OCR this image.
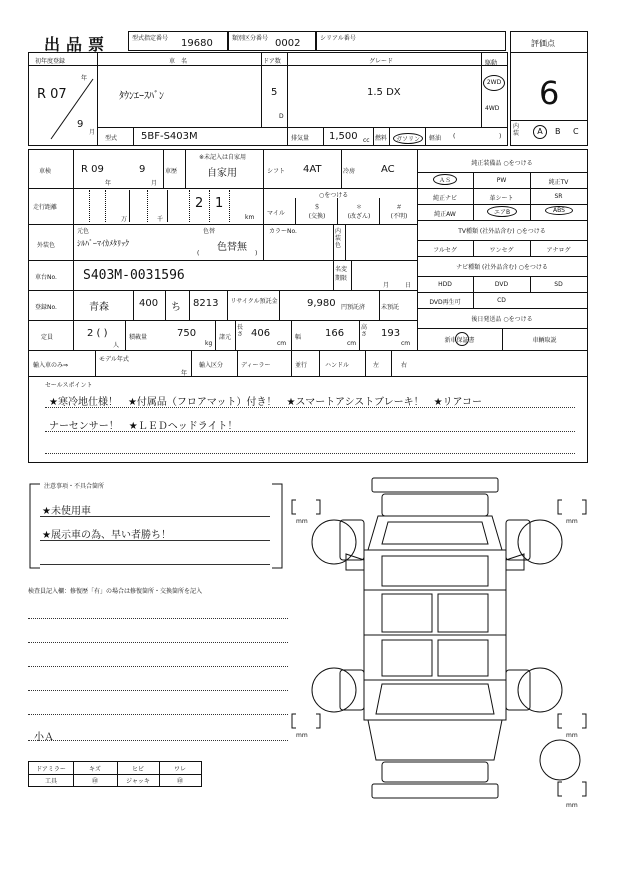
出品票	型式指定番号 19680	類別区分番号 0002	シリアル番号
評価点
6
内装	A	B C
初年度登録
R 07
年
9
月
車　名
ﾀｳﾝｴｰｽﾊﾞﾝ
ドア数
5
D
グレード
1.5 DX
駆動
2WD
4WD
型式 5BF-S403M	排気量 1,500 cc 燃料	ガソリン	軽油 (	)
車検	R 09
年
9
月
車歴
※未記入は自家用
自家用	シフト 4AT	冷房	AC
走行距離
万	千
2 1
km
○をつける
マイル
＄
(交換)
＊
(改ざん)
＃
(不明)
外装色
元色
ｼﾙﾊﾞｰﾏｲｶﾒﾀﾘｯｸ
色替
色替無
(	)
カラーNo.	内装色
車台No. S403M-0031596	名変期限
月	日
登録No.	青森	400 ち 8213 リサイクル預託金	9,980 円預託済	未預託
定員	2 ( )
人
積載量	750
kg
諸元
長さ 406
cm
幅 166
cm
高さ 193
cm
輸入車のみ⇒
モデル年式
年
輸入区分	ディーラー	並行	ハンドル	左	右
純正装備品 ○をつける
TV種類 (社外品含む) ○をつける
ナビ種類 (社外品含む) ○をつける
後日発送品 ○をつける
ＡＳ	PW	純正TV
純正ナビ	革シート	SR
純正AW	エアB	ABS
フルセグ	ワンセグ	アナログ
HDD	DVD	SD
DVD再生可	CD
新車保証書	車輌取説
セールスポイント
★寒冷地仕様！　★付属品（フロアマット）付き！　★スマートアシストブレーキ！　★リアコー
ナーセンサー！　★ＬＥＤヘッドライト！
注意事項・不具合箇所
★未使用車
★展示車の為、早い者勝ち！
検査員記入欄：修復歴「有」の場合は修復箇所・交換箇所を記入
小Ａ
ドアミラー	キズ	ヒビ	ワレ
工具	㊞	ジャッキ	㊞
mm	mm
mm	mm
mm
